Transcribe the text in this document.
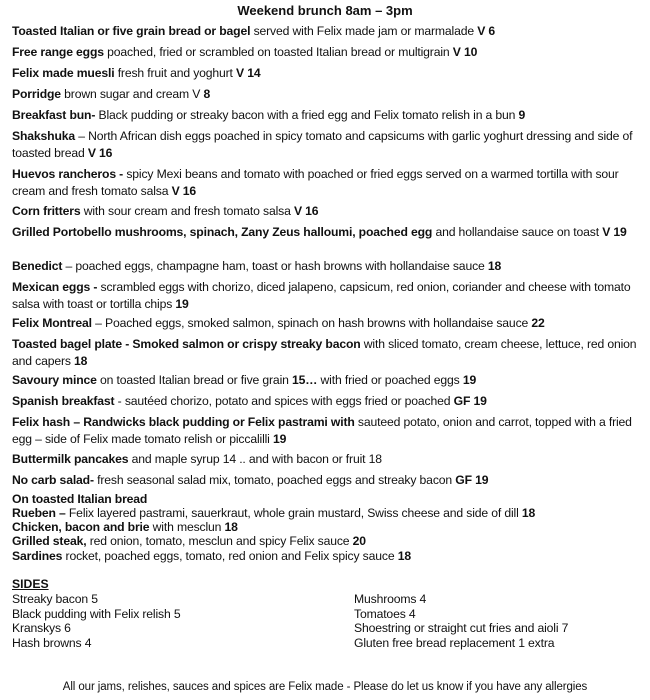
Weekend brunch 8am – 3pm
Toasted Italian or five grain bread or bagel served with Felix made jam or marmalade V 6
Free range eggs poached, fried or scrambled on toasted Italian bread or multigrain V 10
Felix made muesli fresh fruit and yoghurt V 14
Porridge brown sugar and cream V 8
Breakfast bun- Black pudding or streaky bacon with a fried egg and Felix tomato relish in a bun 9
Shakshuka – North African dish eggs poached in spicy tomato and capsicums with garlic yoghurt dressing and side of toasted bread V 16
Huevos rancheros - spicy Mexi beans and tomato with poached or fried eggs served on a warmed tortilla with sour cream and fresh tomato salsa V 16
Corn fritters with sour cream and fresh tomato salsa V 16
Grilled Portobello mushrooms, spinach, Zany Zeus halloumi, poached egg and hollandaise sauce on toast V 19
Benedict – poached eggs, champagne ham, toast or hash browns with hollandaise sauce 18
Mexican eggs - scrambled eggs with chorizo, diced jalapeno, capsicum, red onion, coriander and cheese with tomato salsa with toast or tortilla chips 19
Felix Montreal – Poached eggs, smoked salmon, spinach on hash browns with hollandaise sauce 22
Toasted bagel plate - Smoked salmon or crispy streaky bacon with sliced tomato, cream cheese, lettuce, red onion and capers 18
Savoury mince on toasted Italian bread or five grain 15… with fried or poached eggs 19
Spanish breakfast - sautéed chorizo, potato and spices with eggs fried or poached GF 19
Felix hash – Randwicks black pudding or Felix pastrami with sauteed potato, onion and carrot, topped with a fried egg – side of Felix made tomato relish or piccalilli 19
Buttermilk pancakes and maple syrup 14 .. and with bacon or fruit 18
No carb salad- fresh seasonal salad mix, tomato, poached eggs and streaky bacon GF 19
On toasted Italian bread
Rueben – Felix layered pastrami, sauerkraut, whole grain mustard, Swiss cheese and side of dill 18
Chicken, bacon and brie with mesclun 18
Grilled steak, red onion, tomato, mesclun and spicy Felix sauce 20
Sardines rocket, poached eggs, tomato, red onion and Felix spicy sauce 18
SIDES
Streaky bacon 5
Black pudding with Felix relish 5
Kranskys 6
Hash browns 4
Mushrooms 4
Tomatoes 4
Shoestring or straight cut fries and aioli 7
Gluten free bread replacement 1 extra
All our jams, relishes, sauces and spices are Felix made - Please do let us know if you have any allergies
